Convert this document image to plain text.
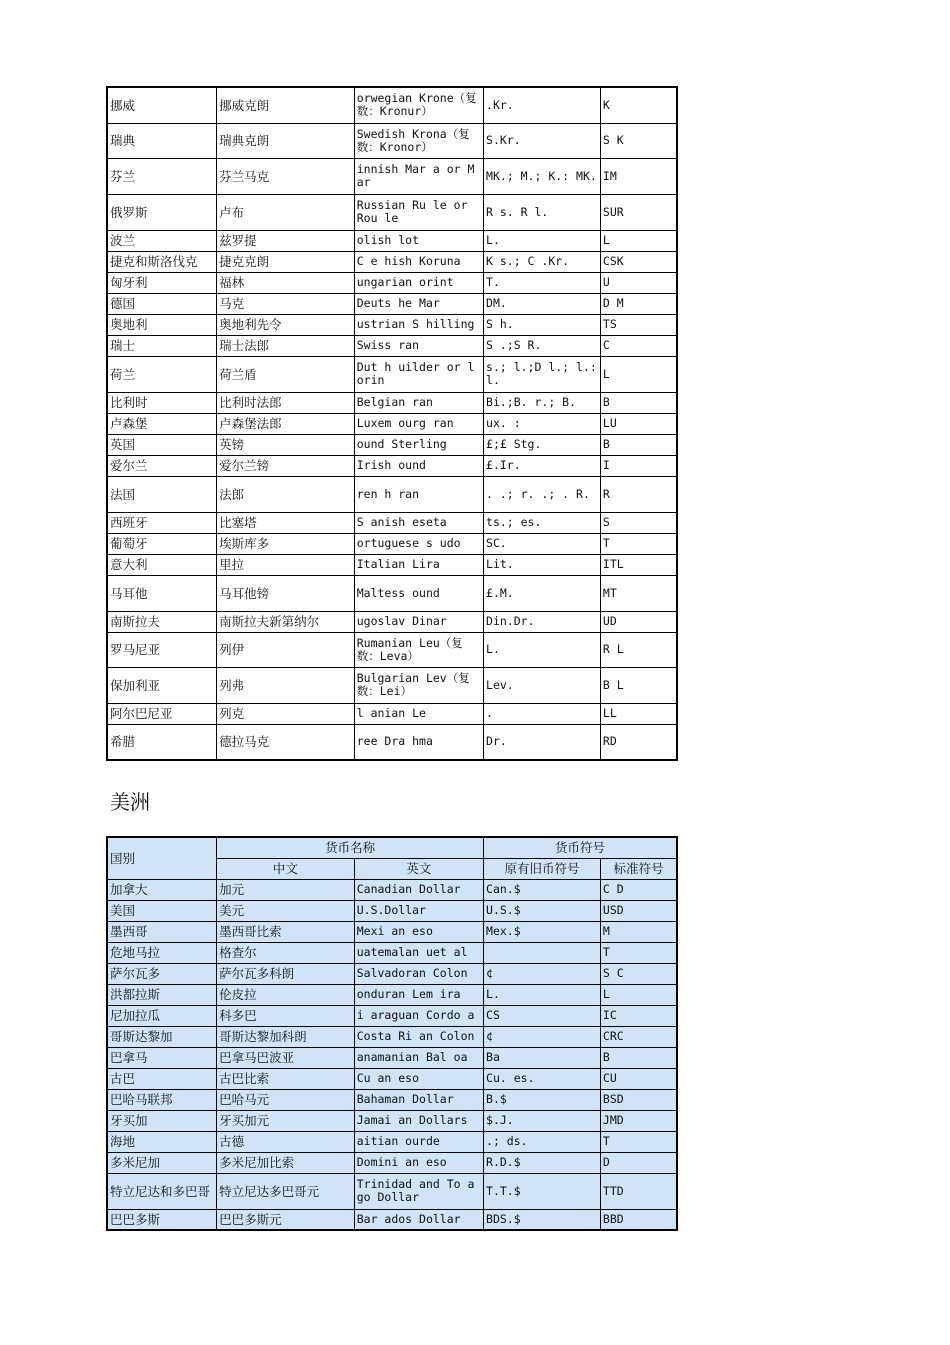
挪威	挪威克朗	orwegian Krone（复数：Kronur）	.Kr.	K
瑞典	瑞典克朗	Swedish Krona（复数：Kronor）	S.Kr.	S K
芬兰	芬兰马克	innish Mar a or Mar	MK.; M.; K.: MK.	IM
俄罗斯	卢布	Russian Ru le or Rou le	R s. R l.	SUR
波兰	兹罗提	olish lot	L.	L
捷克和斯洛伐克	捷克克朗	C e hish Koruna	K s.; C .Kr.	CSK
匈牙利	福林	ungarian orint	T.	U
德国	马克	Deuts he Mar	DM.	D M
奥地利	奥地利先令	ustrian S hilling	S h.	TS
瑞士	瑞士法郎	Swiss ran	S .;S R.	C
荷兰	荷兰盾	Dut h uilder or lorin	s.; l.;D l.; l.: l.	L
比利时	比利时法郎	Belgian ran	Bi.;B. r.; B.	B
卢森堡	卢森堡法郎	Luxem ourg ran	ux. :	LU
英国	英镑	ound Sterling	£;£ Stg.	B
爱尔兰	爱尔兰镑	Irish ound	£.Ir.	I
法国	法郎	ren h ran	. .; r. .; . R.	R
西班牙	比塞塔	S anish eseta	ts.; es.	S
葡萄牙	埃斯库多	ortuguese s udo	SC.	T
意大利	里拉	Italian Lira	Lit.	ITL
马耳他	马耳他镑	Maltess ound	£.M.	MT
南斯拉夫	南斯拉夫新第纳尔	ugoslav Dinar	Din.Dr.	UD
罗马尼亚	列伊	Rumanian Leu（复数：Leva）	L.	R L
保加利亚	列弗	Bulgarian Lev（复数：Lei）	Lev.	B L
阿尔巴尼亚	列克	l anian Le	.	LL
希腊	德拉马克	ree Dra hma	Dr.	RD
美洲
国别	货币名称		货币符号	
	中文	英文	原有旧币符号	标准符号
加拿大	加元	Canadian Dollar	Can.$	C D
美国	美元	U.S.Dollar	U.S.$	USD
墨西哥	墨西哥比索	Mexi an eso	Mex.$	M
危地马拉	格查尔	uatemalan uet al		T
萨尔瓦多	萨尔瓦多科朗	Salvadoran Colon	¢	S C
洪都拉斯	伦皮拉	onduran Lem ira	L.	L
尼加拉瓜	科多巴	i araguan Cordo a	CS	IC
哥斯达黎加	哥斯达黎加科朗	Costa Ri an Colon	¢	CRC
巴拿马	巴拿马巴波亚	anamanian Bal oa	Ba	B
古巴	古巴比索	Cu an eso	Cu. es.	CU
巴哈马联邦	巴哈马元	Bahaman Dollar	B.$	BSD
牙买加	牙买加元	Jamai an Dollars	$.J.	JMD
海地	古德	aitian ourde	.; ds.	T
多米尼加	多米尼加比索	Domini an eso	R.D.$	D
特立尼达和多巴哥	特立尼达多巴哥元	Trinidad and To ago Dollar	T.T.$	TTD
巴巴多斯	巴巴多斯元	Bar ados Dollar	BDS.$	BBD
